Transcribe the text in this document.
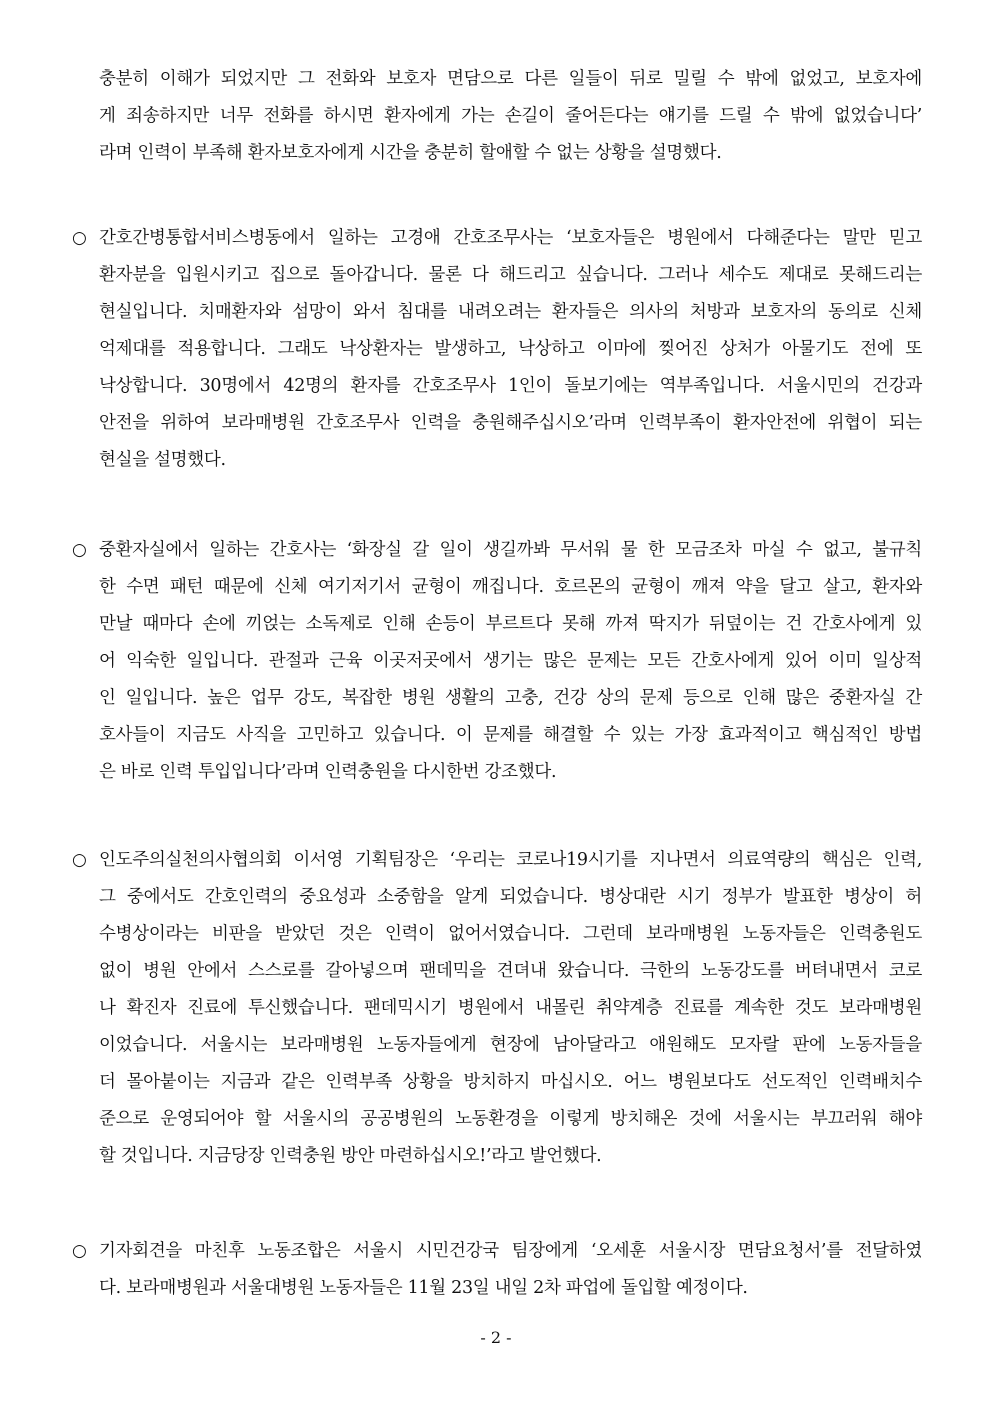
충분히 이해가 되었지만 그 전화와 보호자 면담으로 다른 일들이 뒤로 밀릴 수 밖에 없었고, 보호자에
게 죄송하지만 너무 전화를 하시면 환자에게 가는 손길이 줄어든다는 얘기를 드릴 수 밖에 없었습니다’
라며 인력이 부족해 환자보호자에게 시간을 충분히 할애할 수 없는 상황을 설명했다.
○ 간호간병통합서비스병동에서 일하는 고경애 간호조무사는 ‘보호자들은 병원에서 다해준다는 말만 믿고
환자분을 입원시키고 집으로 돌아갑니다. 물론 다 해드리고 싶습니다. 그러나 세수도 제대로 못해드리는
현실입니다. 치매환자와 섬망이 와서 침대를 내려오려는 환자들은 의사의 처방과 보호자의 동의로 신체
억제대를 적용합니다. 그래도 낙상환자는 발생하고, 낙상하고 이마에 찢어진 상처가 아물기도 전에 또
낙상합니다. 30명에서 42명의 환자를 간호조무사 1인이 돌보기에는 역부족입니다. 서울시민의 건강과
안전을 위하여 보라매병원 간호조무사 인력을 충원해주십시오’라며 인력부족이 환자안전에 위협이 되는
현실을 설명했다.
○ 중환자실에서 일하는 간호사는 ‘화장실 갈 일이 생길까봐 무서워 물 한 모금조차 마실 수 없고, 불규칙
한 수면 패턴 때문에 신체 여기저기서 균형이 깨집니다. 호르몬의 균형이 깨져 약을 달고 살고, 환자와
만날 때마다 손에 끼얹는 소독제로 인해 손등이 부르트다 못해 까져 딱지가 뒤덮이는 건 간호사에게 있
어 익숙한 일입니다. 관절과 근육 이곳저곳에서 생기는 많은 문제는 모든 간호사에게 있어 이미 일상적
인 일입니다. 높은 업무 강도, 복잡한 병원 생활의 고충, 건강 상의 문제 등으로 인해 많은 중환자실 간
호사들이 지금도 사직을 고민하고 있습니다. 이 문제를 해결할 수 있는 가장 효과적이고 핵심적인 방법
은 바로 인력 투입입니다’라며 인력충원을 다시한번 강조했다.
○ 인도주의실천의사협의회 이서영 기획팀장은 ‘우리는 코로나19시기를 지나면서 의료역량의 핵심은 인력,
그 중에서도 간호인력의 중요성과 소중함을 알게 되었습니다. 병상대란 시기 정부가 발표한 병상이 허
수병상이라는 비판을 받았던 것은 인력이 없어서였습니다. 그런데 보라매병원 노동자들은 인력충원도
없이 병원 안에서 스스로를 갈아넣으며 팬데믹을 견뎌내 왔습니다. 극한의 노동강도를 버텨내면서 코로
나 확진자 진료에 투신했습니다. 팬데믹시기 병원에서 내몰린 취약계층 진료를 계속한 것도 보라매병원
이었습니다. 서울시는 보라매병원 노동자들에게 현장에 남아달라고 애원해도 모자랄 판에 노동자들을
더 몰아붙이는 지금과 같은 인력부족 상황을 방치하지 마십시오. 어느 병원보다도 선도적인 인력배치수
준으로 운영되어야 할 서울시의 공공병원의 노동환경을 이렇게 방치해온 것에 서울시는 부끄러워 해야
할 것입니다. 지금당장 인력충원 방안 마련하십시오!’라고 발언했다.
○ 기자회견을 마친후 노동조합은 서울시 시민건강국 팀장에게 ‘오세훈 서울시장 면담요청서’를 전달하였
다. 보라매병원과 서울대병원 노동자들은 11월 23일 내일 2차 파업에 돌입할 예정이다.
- 2 -
